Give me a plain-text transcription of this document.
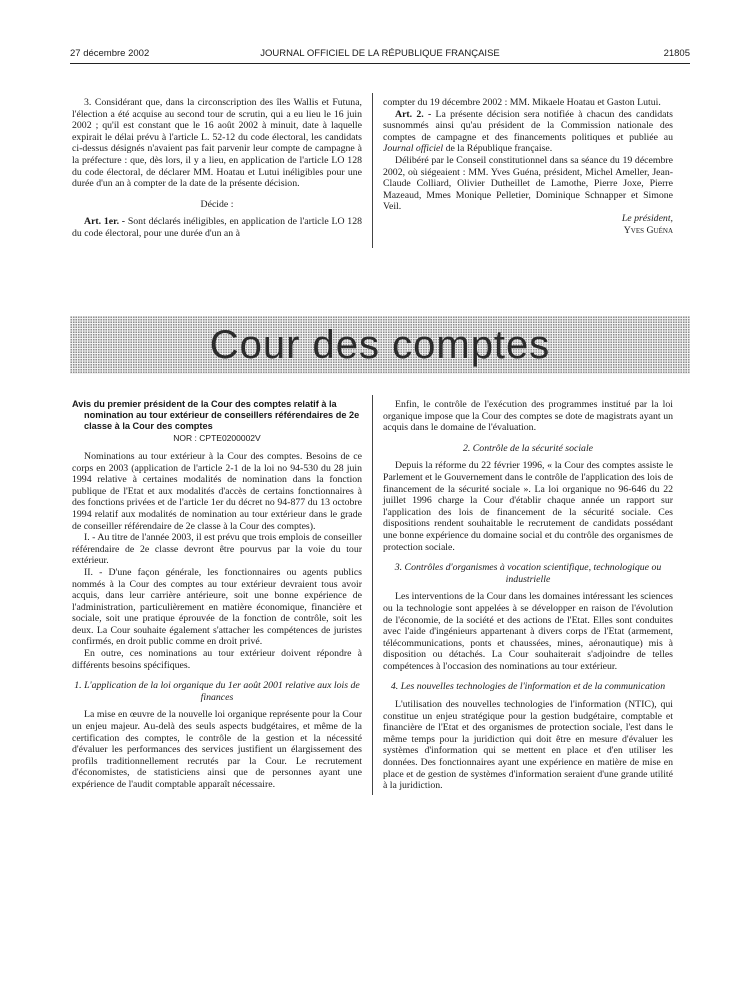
27 décembre 2002	JOURNAL OFFICIEL DE LA RÉPUBLIQUE FRANÇAISE	21805

3. Considérant que, dans la circonscription des îles Wallis et Futuna, l'élection a été acquise au second tour de scrutin, qui a eu lieu le 16 juin 2002 ; qu'il est constant que le 16 août 2002 à minuit, date à laquelle expirait le délai prévu à l'article L. 52-12 du code électoral, les candidats ci-dessus désignés n'avaient pas fait parvenir leur compte de campagne à la préfecture : que, dès lors, il y a lieu, en application de l'article LO 128 du code électoral, de déclarer MM. Hoatau et Lutui inéligibles pour une durée d'un an à compter de la date de la présente décision.

Décide :

Art. 1er. - Sont déclarés inéligibles, en application de l'article LO 128 du code électoral, pour une durée d'un an à

compter du 19 décembre 2002 : MM. Mikaele Hoatau et Gaston Lutui.

Art. 2. - La présente décision sera notifiée à chacun des candidats susnommés ainsi qu'au président de la Commission nationale des comptes de campagne et des financements politiques et publiée au Journal officiel de la République française.

Délibéré par le Conseil constitutionnel dans sa séance du 19 décembre 2002, où siégeaient : MM. Yves Guéna, président, Michel Ameller, Jean-Claude Colliard, Olivier Dutheillet de Lamothe, Pierre Joxe, Pierre Mazeaud, Mmes Monique Pelletier, Dominique Schnapper et Simone Veil.

Le président,

Yves Guéna

Cour des comptes

Avis du premier président de la Cour des comptes relatif à la nomination au tour extérieur de conseillers référendaires de 2e classe à la Cour des comptes

NOR : CPTE0200002V

Nominations au tour extérieur à la Cour des comptes. Besoins de ce corps en 2003 (application de l'article 2-1 de la loi no 94-530 du 28 juin 1994 relative à certaines modalités de nomination dans la fonction publique de l'Etat et aux modalités d'accès de certains fonctionnaires à des fonctions privées et de l'article 1er du décret no 94-877 du 13 octobre 1994 relatif aux modalités de nomination au tour extérieur dans le grade de conseiller référendaire de 2e classe à la Cour des comptes).

I. - Au titre de l'année 2003, il est prévu que trois emplois de conseiller référendaire de 2e classe devront être pourvus par la voie du tour extérieur.

II. - D'une façon générale, les fonctionnaires ou agents publics nommés à la Cour des comptes au tour extérieur devraient tous avoir acquis, dans leur carrière antérieure, soit une bonne expérience de l'administration, particulièrement en matière économique, financière et sociale, soit une pratique éprouvée de la fonction de contrôle, soit les deux. La Cour souhaite également s'attacher les compétences de juristes confirmés, en droit public comme en droit privé.

En outre, ces nominations au tour extérieur doivent répondre à différents besoins spécifiques.

1. L'application de la loi organique du 1er août 2001 relative aux lois de finances

La mise en œuvre de la nouvelle loi organique représente pour la Cour un enjeu majeur. Au-delà des seuls aspects budgétaires, et même de la certification des comptes, le contrôle de la gestion et la nécessité d'évaluer les performances des services justifient un élargissement des profils traditionnellement recrutés par la Cour. Le recrutement d'économistes, de statisticiens ainsi que de personnes ayant une expérience de l'audit comptable apparaît nécessaire.

Enfin, le contrôle de l'exécution des programmes institué par la loi organique impose que la Cour des comptes se dote de magistrats ayant un acquis dans le domaine de l'évaluation.

2. Contrôle de la sécurité sociale

Depuis la réforme du 22 février 1996, « la Cour des comptes assiste le Parlement et le Gouvernement dans le contrôle de l'application des lois de financement de la sécurité sociale ». La loi organique no 96-646 du 22 juillet 1996 charge la Cour d'établir chaque année un rapport sur l'application des lois de financement de la sécurité sociale. Ces dispositions rendent souhaitable le recrutement de candidats possédant une bonne expérience du domaine social et du contrôle des organismes de protection sociale.

3. Contrôles d'organismes à vocation scientifique, technologique ou industrielle

Les interventions de la Cour dans les domaines intéressant les sciences ou la technologie sont appelées à se développer en raison de l'évolution de l'économie, de la société et des actions de l'Etat. Elles sont conduites avec l'aide d'ingénieurs appartenant à divers corps de l'Etat (armement, télécommunications, ponts et chaussées, mines, aéronautique) mis à disposition ou détachés. La Cour souhaiterait s'adjoindre de telles compétences à l'occasion des nominations au tour extérieur.

4. Les nouvelles technologies de l'information et de la communication

L'utilisation des nouvelles technologies de l'information (NTIC), qui constitue un enjeu stratégique pour la gestion budgétaire, comptable et financière de l'Etat et des organismes de protection sociale, l'est dans le même temps pour la juridiction qui doit être en mesure d'évaluer les systèmes d'information qui se mettent en place et d'en utiliser les données. Des fonctionnaires ayant une expérience en matière de mise en place et de gestion de systèmes d'information seraient d'une grande utilité à la juridiction.
